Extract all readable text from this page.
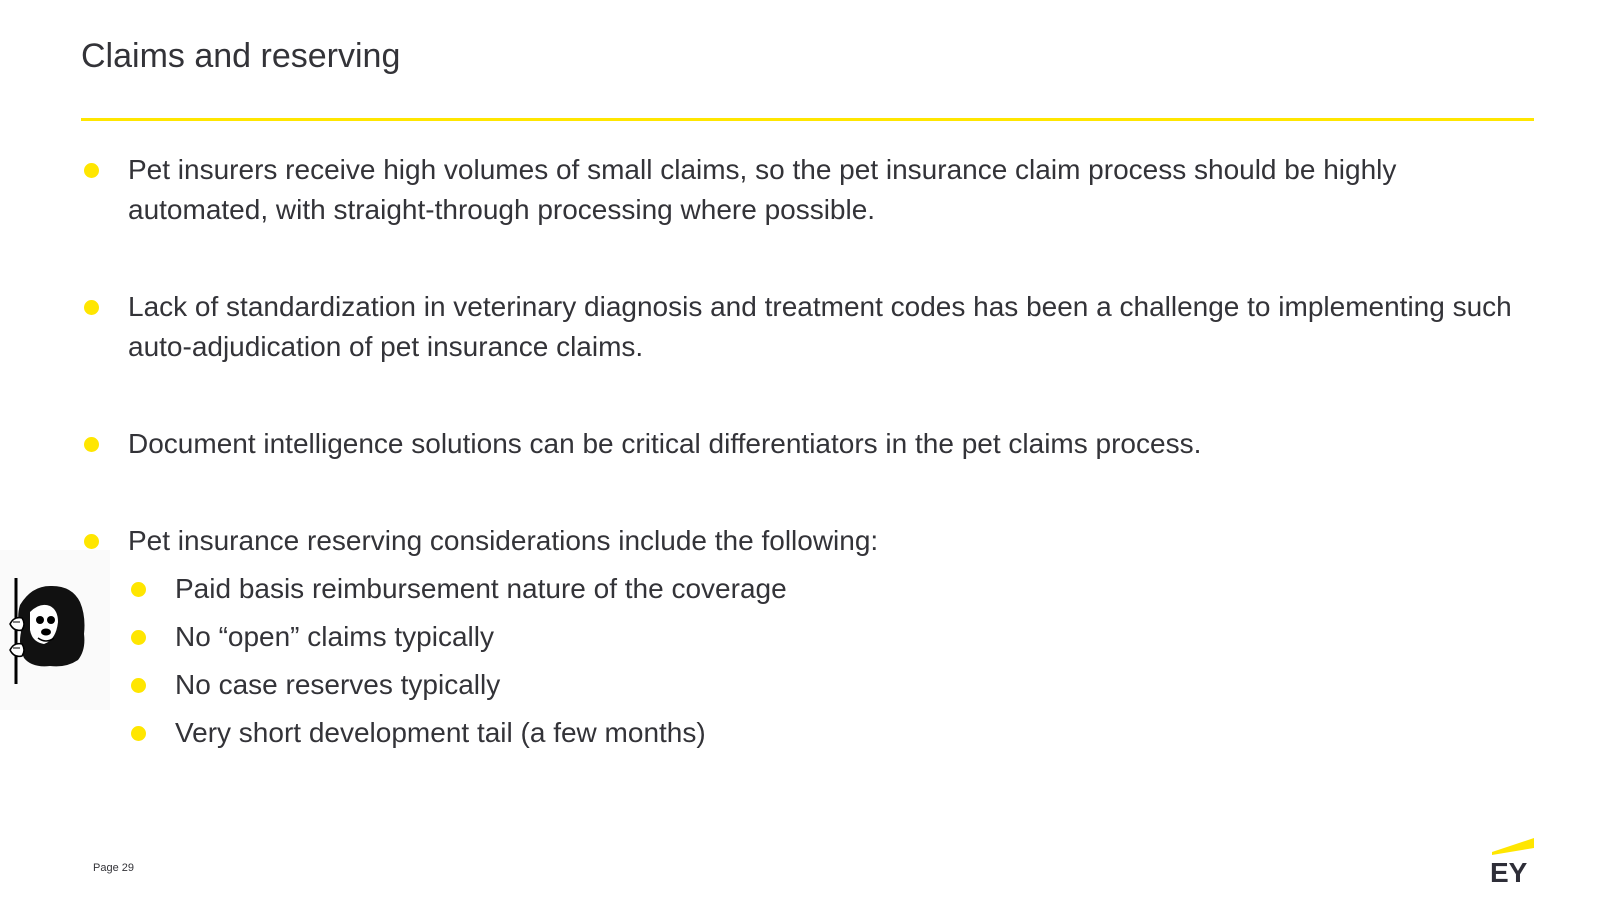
Claims and reserving
Pet insurers receive high volumes of small claims, so the pet insurance claim process should be highly automated, with straight-through processing where possible.
Lack of standardization in veterinary diagnosis and treatment codes has been a challenge to implementing such auto-adjudication of pet insurance claims.
Document intelligence solutions can be critical differentiators in the pet claims process.
Pet insurance reserving considerations include the following:
Paid basis reimbursement nature of the coverage
No “open” claims typically
No case reserves typically
Very short development tail (a few months)
Page 29	EY
